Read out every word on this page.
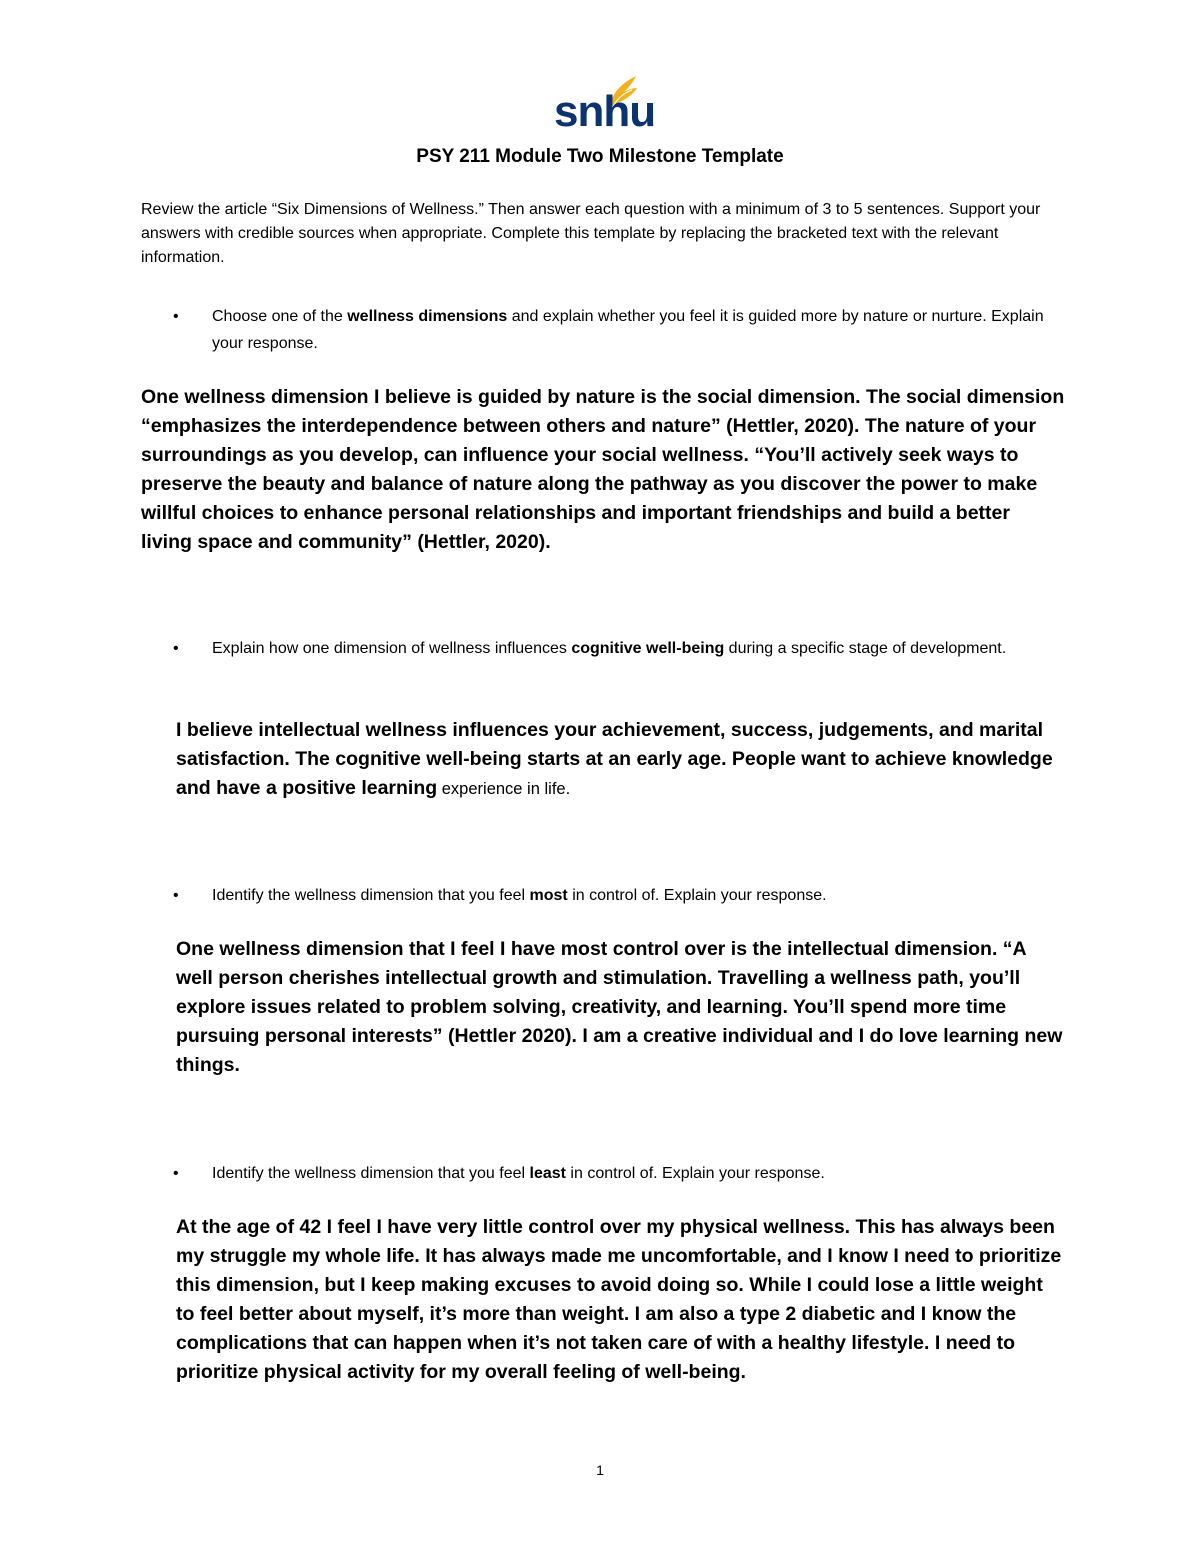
snhu
PSY 211 Module Two Milestone Template

Review the article “Six Dimensions of Wellness.” Then answer each question with a minimum of 3 to 5 sentences. Support your answers with credible sources when appropriate. Complete this template by replacing the bracketed text with the relevant information.

• Choose one of the wellness dimensions and explain whether you feel it is guided more by nature or nurture. Explain your response.

One wellness dimension I believe is guided by nature is the social dimension. The social dimension “emphasizes the interdependence between others and nature” (Hettler, 2020). The nature of your surroundings as you develop, can influence your social wellness. “You’ll actively seek ways to preserve the beauty and balance of nature along the pathway as you discover the power to make willful choices to enhance personal relationships and important friendships and build a better living space and community” (Hettler, 2020).

• Explain how one dimension of wellness influences cognitive well-being during a specific stage of development.

I believe intellectual wellness influences your achievement, success, judgements, and marital satisfaction. The cognitive well-being starts at an early age. People want to achieve knowledge and have a positive learning experience in life.

• Identify the wellness dimension that you feel most in control of. Explain your response.

One wellness dimension that I feel I have most control over is the intellectual dimension. “A well person cherishes intellectual growth and stimulation. Travelling a wellness path, you’ll explore issues related to problem solving, creativity, and learning. You’ll spend more time pursuing personal interests” (Hettler 2020). I am a creative individual and I do love learning new things.

• Identify the wellness dimension that you feel least in control of. Explain your response.

At the age of 42 I feel I have very little control over my physical wellness. This has always been my struggle my whole life. It has always made me uncomfortable, and I know I need to prioritize this dimension, but I keep making excuses to avoid doing so. While I could lose a little weight to feel better about myself, it’s more than weight. I am also a type 2 diabetic and I know the complications that can happen when it’s not taken care of with a healthy lifestyle. I need to prioritize physical activity for my overall feeling of well-being.

1
